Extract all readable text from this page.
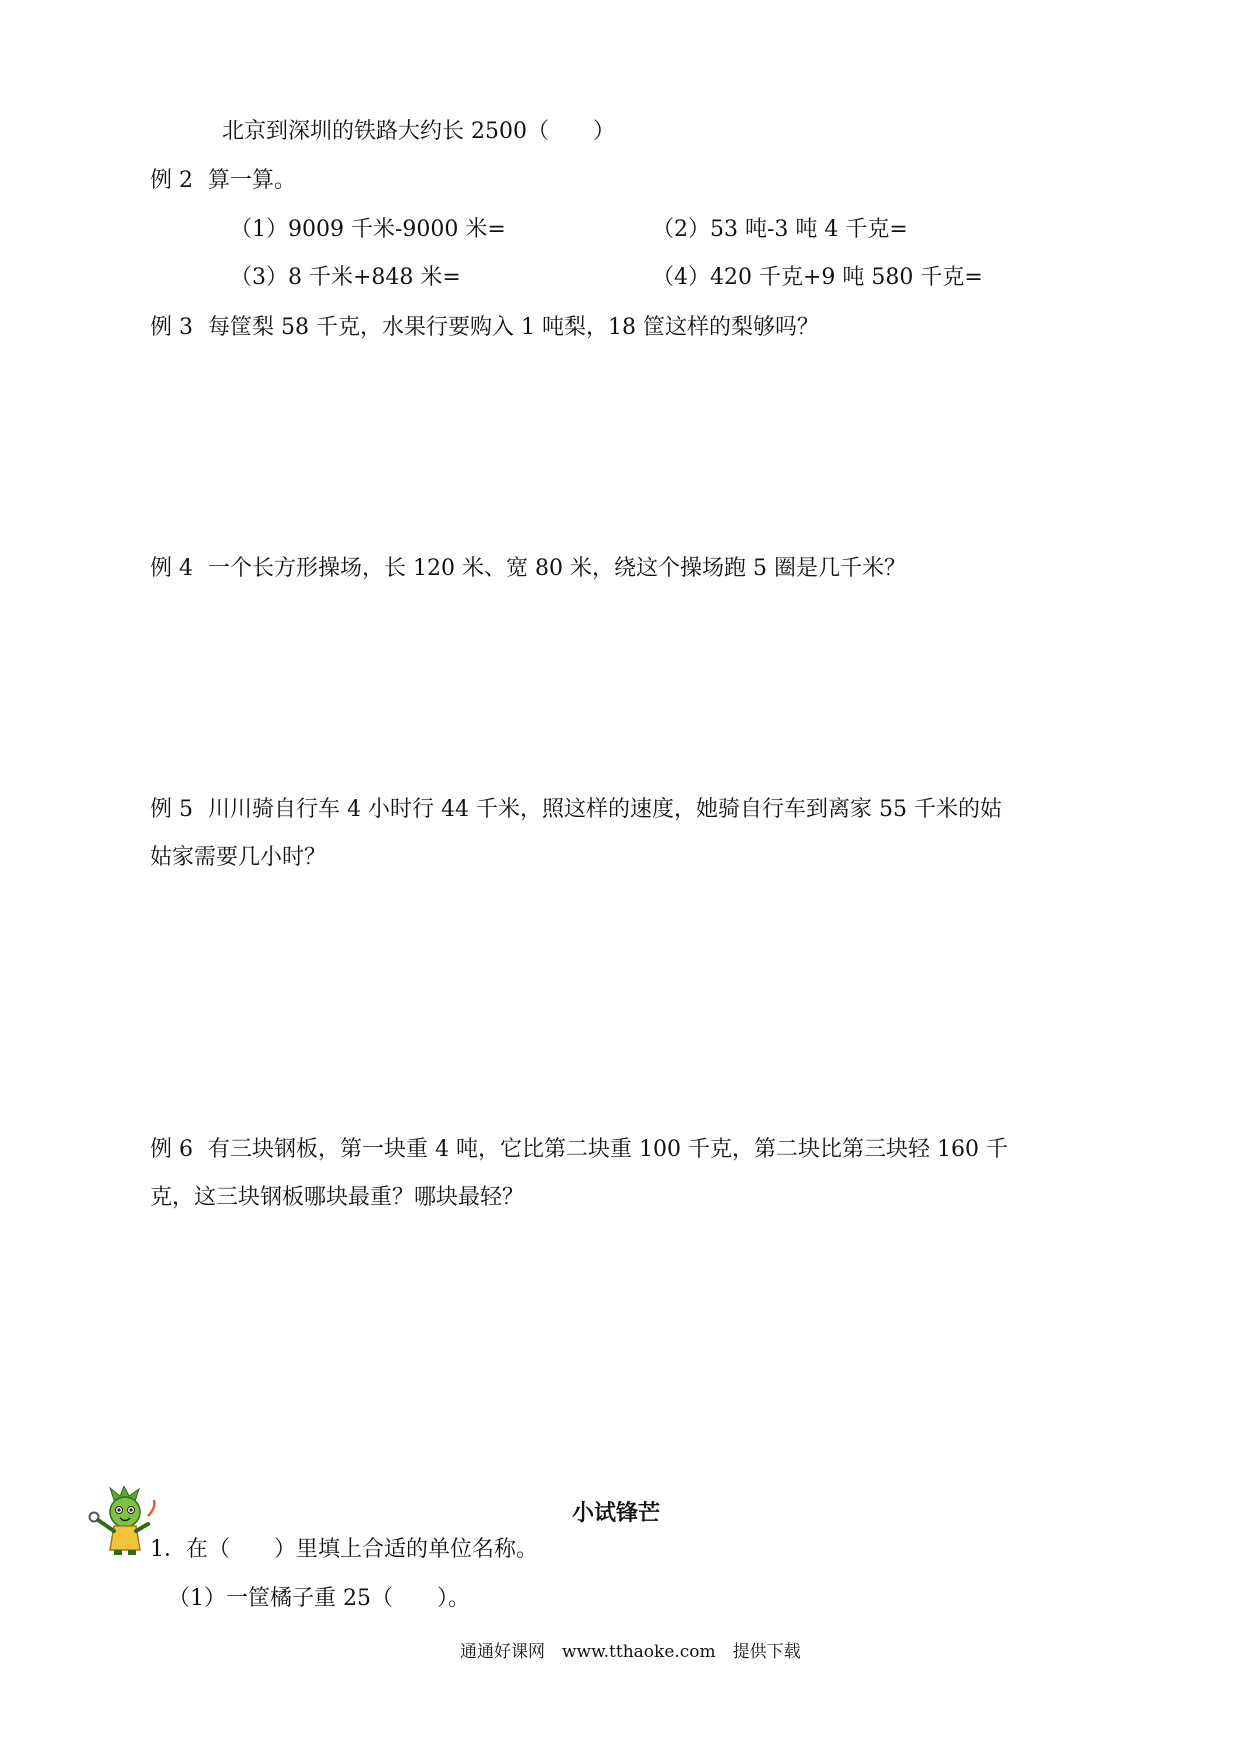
北京到深圳的铁路大约长 2500（　　）
例 2 算一算。
（1）9009 千米-9000 米=	（2）53 吨-3 吨 4 千克=
（3）8 千米+848 米=	（4）420 千克+9 吨 580 千克=
例 3 每筐梨 58 千克，水果行要购入 1 吨梨，18 筐这样的梨够吗？
例 4 一个长方形操场，长 120 米、宽 80 米，绕这个操场跑 5 圈是几千米？
例 5 川川骑自行车 4 小时行 44 千米，照这样的速度，她骑自行车到离家 55 千米的姑
姑家需要几小时？
例 6 有三块钢板，第一块重 4 吨，它比第二块重 100 千克，第二块比第三块轻 160 千
克，这三块钢板哪块最重？哪块最轻？
小试锋芒
1．在（　　）里填上合适的单位名称。
（1）一筐橘子重 25（　　）。
通通好课网　www.tthaoke.com　提供下载
